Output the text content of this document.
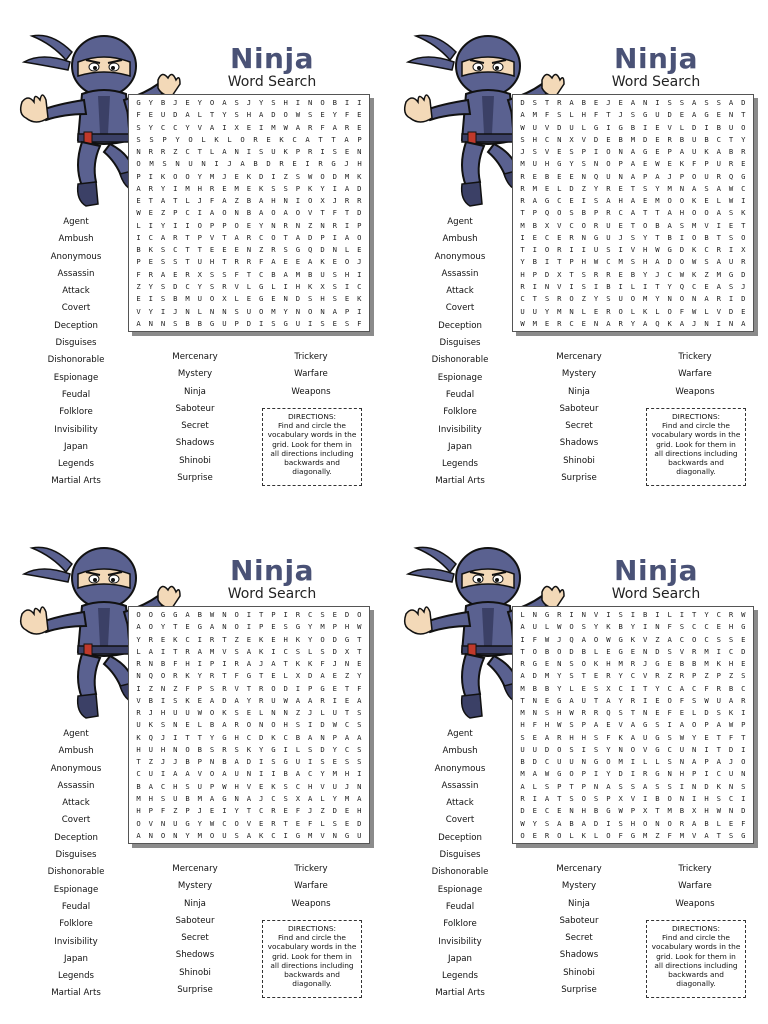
Ninja
Word Search
G	Y	B	J	E	Y	O	A	S	J	Y	S	H	I	N	O	B	I	I
F	E	U	D	A	L	T	Y	S	H	A	D	O	W	S	E	Y	F	E
S	Y	C	C	Y	V	A	I	X	E	I	M	W	A	R	F	A	R	E
S	S	P	Y	O	L	K	L	O	R	E	K	C	A	T	T	A	P
N	R	R	Z	C	T	L	A	N	I	S	U	K	P	R	I	S	E	N
O	M	S	N	U	N	I	J	A	B	D	R	E	I	R	G	J	H
P	I	K	O	O	Y	M	J	E	K	D	I	Z	S	W	O	D	M	K
A	R	Y	I	M	H	R	E	M	E	K	S	S	P	K	Y	I	A	D
E	T	A	T	L	J	F	A	Z	B	A	H	N	I	O	X	J	R	R
W	E	Z	P	C	I	A	O	N	B	A	O	A	O	V	T	F	T	D
L	I	Y	I	I	O	P	P	O	E	Y	N	R	N	Z	N	R	I	P
I	C	A	R	T	P	V	T	A	R	C	O	T	A	D	P	I	A	O
B	K	S	C	T	T	E	E	E	N	Z	R	S	G	Q	D	N	L	E
P	E	S	S	T	U	H	T	R	R	F	A	E	E	A	K	E	O	J
F	R	A	E	R	X	S	S	F	T	C	B	A	M	B	U	S	H	I
Z	Y	S	D	C	Y	S	R	V	L	G	L	I	H	K	X	S	I	C
E	I	S	B	M	U	O	X	L	E	G	E	N	D	S	H	S	E	K
V	Y	I	J	N	L	N	N	S	U	O	M	Y	N	O	N	A	P	I
A	N	N	S	B	B	G	U	P	D	I	S	G	U	I	S	E	S	F
Agent
Ambush
Anonymous
Assassin
Attack
Covert
Deception
Disguises
Dishonorable
Espionage
Feudal
Folklore
Invisibility
Japan
Legends
Martial Arts
Mercenary
Mystery
Ninja
Saboteur
Secret
Shadows
Shinobi
Surprise
Trickery
Warfare
Weapons
DIRECTIONS:
Find and circle the vocabulary words in the grid. Look for them in all directions including backwards and diagonally.
Ninja
Word Search
D	S	T	R	A	B	E	J	E	A	N	I	S	S	A	S	S	A	D
A	M	F	S	L	H	F	T	J	S	G	U	D	E	A	G	E	N	T
W	U	V	D	U	L	G	I	G	B	I	E	V	L	D	I	B	U	O
S	H	C	N	X	V	D	E	B	M	D	E	R	B	U	B	C	T	Y
J	S	V	E	S	P	I	O	N	A	G	E	P	A	U	K	A	B	R
M	U	H	G	Y	S	N	O	P	A	E	W	E	K	F	P	U	R	E
R	E	B	E	E	N	Q	U	N	A	P	A	J	P	O	U	R	Q	G
R	M	E	L	D	Z	Y	R	E	T	S	Y	M	N	A	S	A	W	C
R	A	G	C	E	I	S	A	H	A	E	M	O	O	K	E	L	W	I
T	P	Q	O	S	B	P	R	C	A	T	T	A	H	O	O	A	S	K
M	B	X	V	C	O	R	U	E	T	O	B	A	S	M	V	I	E	T
I	E	C	E	R	N	G	U	J	S	Y	T	B	I	O	B	T	S	O
T	I	O	R	I	I	U	S	I	V	H	W	G	D	K	C	R	I	X
Y	B	I	T	P	H	W	C	M	S	H	A	D	O	W	S	A	U	R
H	P	D	X	T	S	R	R	E	B	Y	J	C	W	K	Z	M	G	D
R	I	N	V	I	S	I	B	I	L	I	T	Y	Q	C	E	A	S	J
C	T	S	R	O	Z	Y	S	U	O	M	Y	N	O	N	A	R	I	D
U	U	Y	M	N	L	E	R	O	L	K	L	O	F	W	L	V	D	E
W	M	E	R	C	E	N	A	R	Y	A	Q	K	A	J	N	I	N	A
Agent
Ambush
Anonymous
Assassin
Attack
Covert
Deception
Disguises
Dishonorable
Espionage
Feudal
Folklore
Invisibility
Japan
Legends
Martial Arts
Mercenary
Mystery
Ninja
Saboteur
Secret
Shadows
Shinobi
Surprise
Trickery
Warfare
Weapons
DIRECTIONS:
Find and circle the vocabulary words in the grid. Look for them in all directions including backwards and diagonally.
Ninja
Word Search
O	O	G	G	A	B	W	N	O	I	T	P	I	R	C	S	E	D	O
A	O	Y	T	E	G	A	N	O	I	P	E	S	G	Y	M	P	H	W
Y	R	E	K	C	I	R	T	Z	E	K	E	H	K	Y	O	D	G	T
L	A	I	T	R	A	M	V	S	A	K	I	C	S	L	S	D	X	T
R	N	B	F	H	I	P	I	R	A	J	A	T	K	K	F	J	N	E
N	Q	O	R	K	Y	R	T	F	G	T	E	L	X	D	A	E	Z	Y
I	Z	N	Z	F	P	S	R	V	T	R	O	D	I	P	G	E	T	F
V	B	I	S	K	E	A	D	A	Y	R	U	W	A	A	R	I	E	A
R	J	H	U	U	W	O	K	S	E	L	N	N	Z	J	L	U	T	S
U	K	S	N	E	L	B	A	R	O	N	O	H	S	I	D	W	C	S
K	Q	J	I	T	T	Y	G	H	C	D	K	C	B	A	N	P	A	A
H	U	H	N	O	B	S	R	S	K	Y	G	I	L	S	D	Y	C	S
T	Z	J	J	B	P	N	B	A	D	I	S	G	U	I	S	E	S	S
C	U	I	A	A	V	O	A	U	N	I	I	B	A	C	Y	M	H	I
B	A	C	H	S	U	P	W	H	V	E	K	S	C	H	V	U	J	N
M	H	S	U	B	M	A	G	N	A	J	C	S	X	A	L	Y	M	A
H	P	F	Z	P	J	E	I	Y	T	C	R	E	F	J	Z	D	E	H
O	V	N	U	G	Y	W	C	O	V	E	R	T	E	F	L	S	E	D
A	N	O	N	Y	M	O	U	S	A	K	C	I	G	M	V	N	G	U
Agent
Ambush
Anonymous
Assassin
Attack
Covert
Deception
Disguises
Dishonorable
Espionage
Feudal
Folklore
Invisibility
Japan
Legends
Martial Arts
Mercenary
Mystery
Ninja
Saboteur
Secret
Shedows
Shinobi
Surprise
Trickery
Warfare
Weapons
DIRECTIONS:
Find and circle the vocabulary words in the grid. Look for them in all directions including backwards and diagonally.
Ninja
Word Search
L	N	G	R	I	N	V	I	S	I	B	I	L	I	T	Y	C	R	W
A	U	L	W	O	S	Y	K	B	Y	I	N	F	S	C	C	E	H	G
I	F	W	J	Q	A	O	W	G	K	V	Z	A	C	O	C	S	S	E
T	O	B	O	D	B	L	E	G	E	N	D	S	V	R	M	I	C	D
R	G	E	N	S	O	K	H	M	R	J	G	E	B	B	M	K	H	E
A	D	M	Y	S	T	E	R	Y	C	V	R	Z	R	P	Z	P	Z	S
M	B	B	Y	L	E	S	X	C	I	T	Y	C	A	C	F	R	B	C
T	N	E	G	A	U	T	A	Y	R	I	E	O	F	S	W	U	A	R
M	N	S	H	W	R	R	Q	S	T	N	E	F	E	L	D	S	K	I
H	F	H	W	S	P	A	E	V	A	G	S	I	A	O	P	A	W	P
S	E	A	R	H	H	S	F	K	A	U	G	S	W	Y	E	T	F	T
U	U	D	O	S	I	S	Y	N	O	V	G	C	U	N	I	T	D	I
B	D	C	U	U	N	G	O	M	I	L	L	S	N	A	P	A	J	O
M	A	W	G	O	P	I	Y	D	I	R	G	N	H	P	I	C	U	N
A	L	S	P	T	P	N	A	S	S	A	S	S	I	N	D	K	N	S
R	I	A	T	S	O	S	P	X	V	I	B	O	N	I	H	S	C	I
D	E	C	E	N	H	B	G	W	P	X	T	M	B	X	H	W	N	D
W	Y	S	A	B	A	D	I	S	H	O	N	O	R	A	B	L	E	F
O	E	R	O	L	K	L	O	F	G	M	Z	F	M	V	A	T	S	G
Agent
Ambush
Anonymous
Assassin
Attack
Covert
Deception
Disguises
Dishonorable
Espionage
Feudal
Folklore
Invisibility
Japan
Legends
Martial Arts
Mercenary
Mystery
Ninja
Saboteur
Secret
Shadows
Shinobi
Surprise
Trickery
Warfare
Weapons
DIRECTIONS:
Find and circle the vocabulary words in the grid. Look for them in all directions including backwards and diagonally.
